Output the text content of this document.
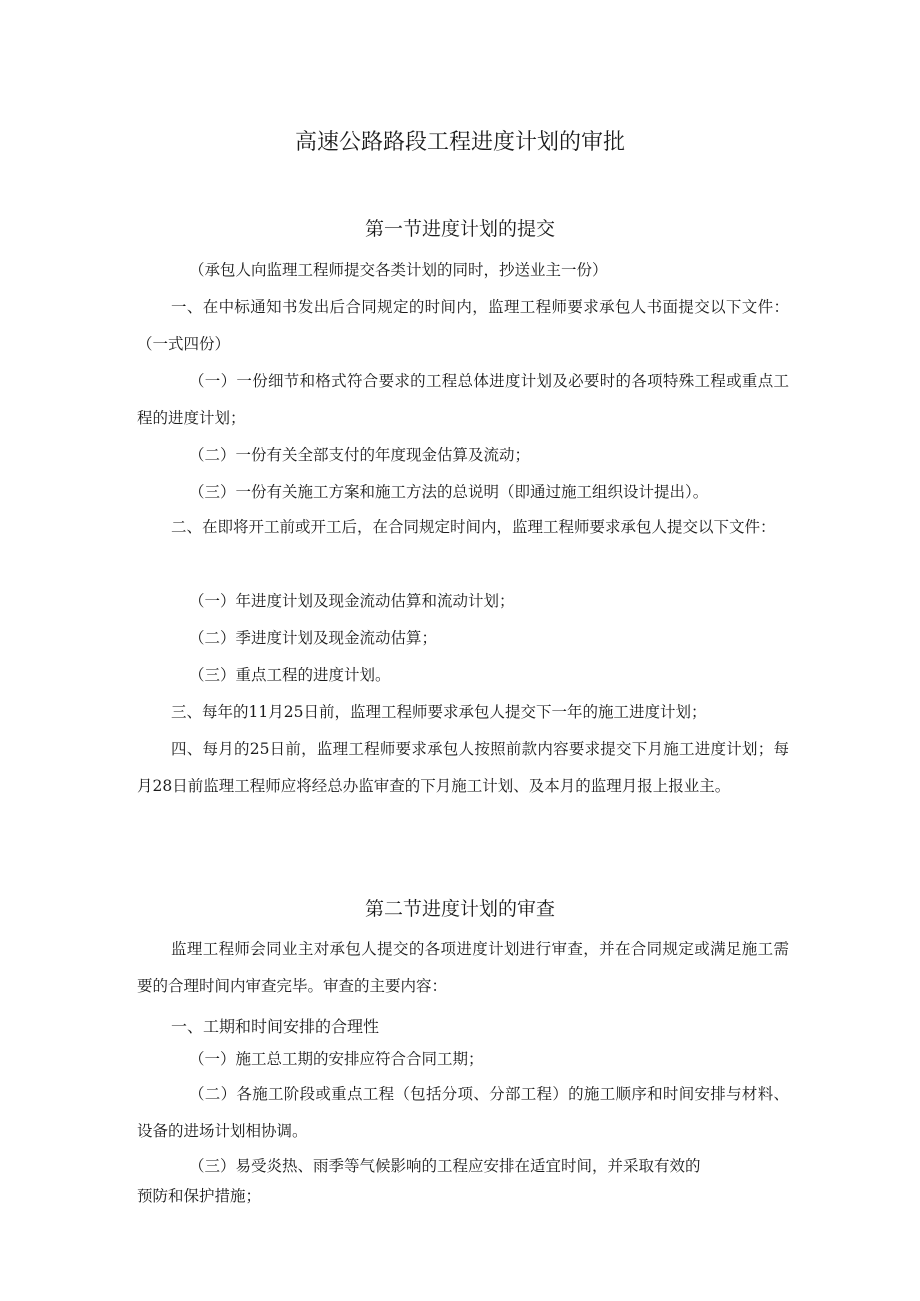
高速公路路段工程进度计划的审批
第一节进度计划的提交

（承包人向监理工程师提交各类计划的同时，抄送业主一份）

一、在中标通知书发出后合同规定的时间内，监理工程师要求承包人书面提交以下文件：（一式四份）

（一）一份细节和格式符合要求的工程总体进度计划及必要时的各项特殊工程或重点工程的进度计划；

（二）一份有关全部支付的年度现金估算及流动；

（三）一份有关施工方案和施工方法的总说明（即通过施工组织设计提出）。

二、在即将开工前或开工后，在合同规定时间内，监理工程师要求承包人提交以下文件：

（一）年进度计划及现金流动估算和流动计划；

（二）季进度计划及现金流动估算；

（三）重点工程的进度计划。

三、每年的11月25日前，监理工程师要求承包人提交下一年的施工进度计划；

四、每月的25日前，监理工程师要求承包人按照前款内容要求提交下月施工进度计划；每月28日前监理工程师应将经总办监审查的下月施工计划、及本月的监理月报上报业主。

第二节进度计划的审查

监理工程师会同业主对承包人提交的各项进度计划进行审查，并在合同规定或满足施工需要的合理时间内审查完毕。审查的主要内容：

一、工期和时间安排的合理性

（一）施工总工期的安排应符合合同工期；

（二）各施工阶段或重点工程（包括分项、分部工程）的施工顺序和时间安排与材料、设备的进场计划相协调。

（三）易受炎热、雨季等气候影响的工程应安排在适宜时间，并采取有效的

预防和保护措施；
